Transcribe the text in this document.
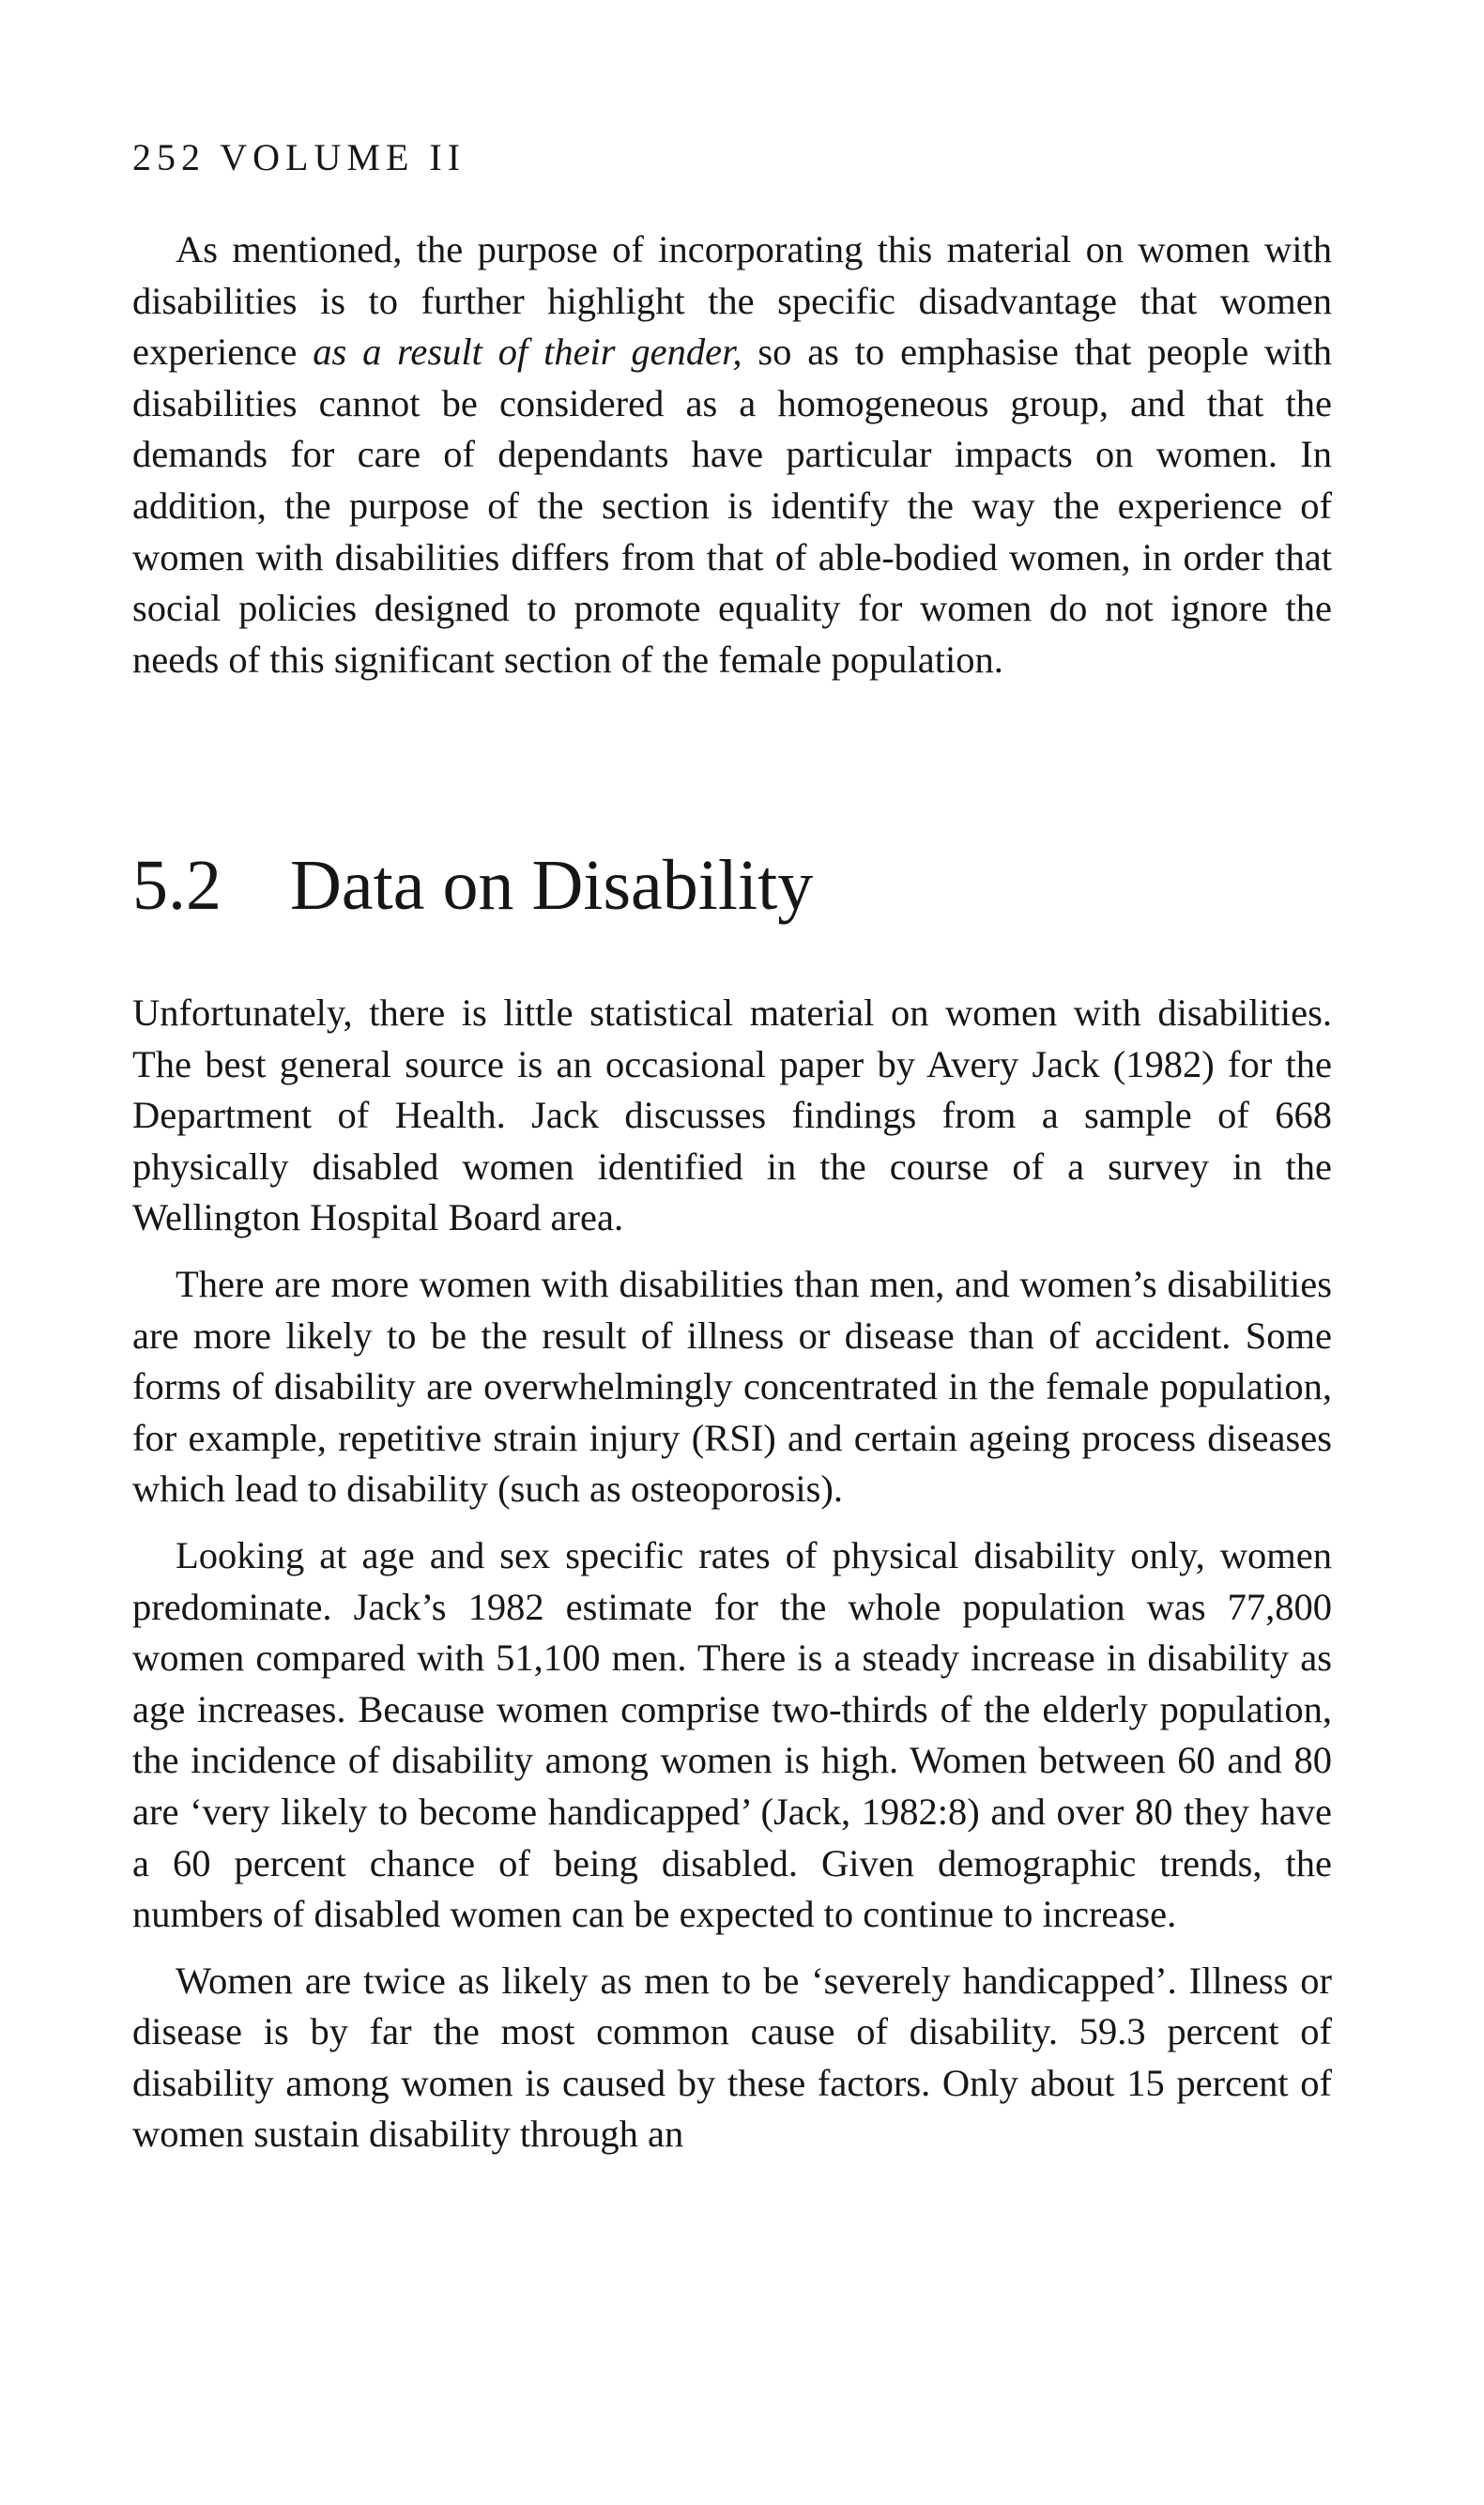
252 VOLUME II

As mentioned, the purpose of incorporating this material on women with disabilities is to further highlight the specific disadvantage that women experience as a result of their gender, so as to emphasise that people with disabilities cannot be considered as a homogeneous group, and that the demands for care of dependants have particular impacts on women. In addition, the purpose of the section is identify the way the experience of women with disabilities differs from that of able-bodied women, in order that social policies designed to promote equality for women do not ignore the needs of this significant section of the female population.

5.2 Data on Disability

Unfortunately, there is little statistical material on women with disabilities. The best general source is an occasional paper by Avery Jack (1982) for the Department of Health. Jack discusses findings from a sample of 668 physically disabled women identified in the course of a survey in the Wellington Hospital Board area.

There are more women with disabilities than men, and women’s disabilities are more likely to be the result of illness or disease than of accident. Some forms of disability are overwhelmingly concentrated in the female population, for example, repetitive strain injury (RSI) and certain ageing process diseases which lead to disability (such as osteoporosis).

Looking at age and sex specific rates of physical disability only, women predominate. Jack’s 1982 estimate for the whole population was 77,800 women compared with 51,100 men. There is a steady increase in disability as age increases. Because women comprise two-thirds of the elderly population, the incidence of disability among women is high. Women between 60 and 80 are ‘very likely to become handicapped’ (Jack, 1982:8) and over 80 they have a 60 percent chance of being disabled. Given demographic trends, the numbers of disabled women can be expected to continue to increase.

Women are twice as likely as men to be ‘severely handicapped’. Illness or disease is by far the most common cause of disability. 59.3 percent of disability among women is caused by these factors. Only about 15 percent of women sustain disability through an
